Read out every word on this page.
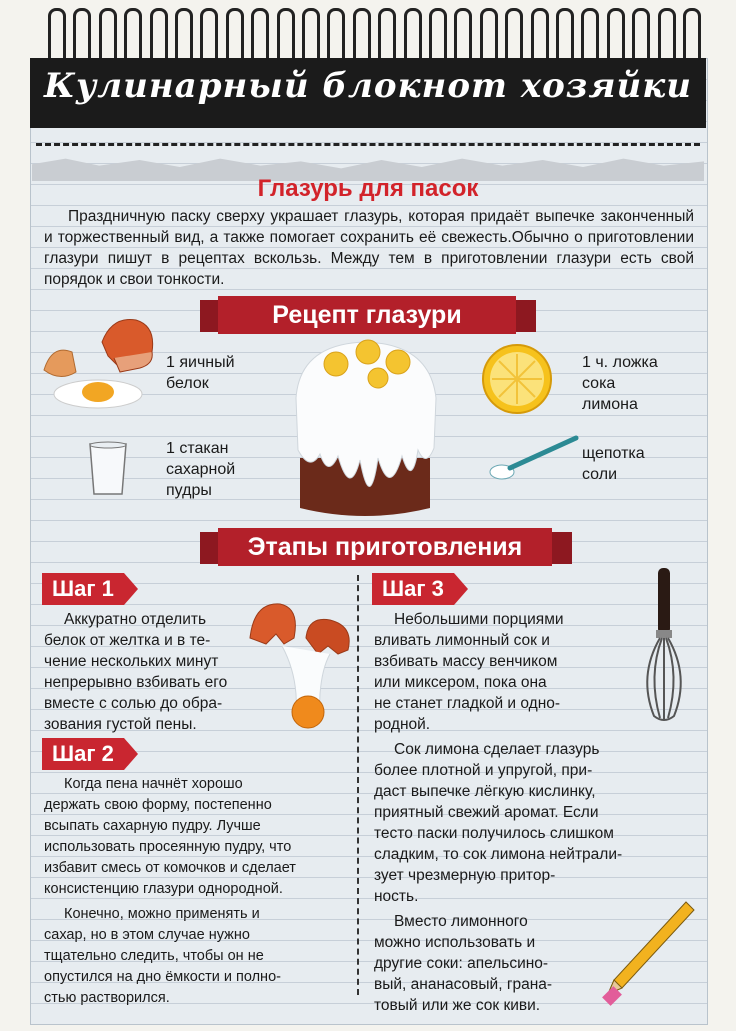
Кулинарный блокнот хозяйки
Глазурь для пасок
Праздничную паску сверху украшает глазурь, которая придаёт выпечке законченный и торжественный вид, а также помогает сохранить её свежесть.Обычно о приготовлении глазури пишут в рецептах вскользь. Между тем в приготовлении глазури есть свой порядок и свои тонкости.
Рецепт глазури
1 яичный
белок
1 стакан
сахарной
пудры
1 ч. ложка
сока
лимона
щепотка
соли
Этапы приготовления
Шаг 1
Аккуратно отделить
белок от желтка и в те-
чение нескольких минут
непрерывно взбивать его
вместе с солью до обра-
зования густой пены.
Шаг 2
Когда пена начнёт хорошо
держать свою форму, постепенно
всыпать сахарную пудру. Лучше
использовать просеянную пудру, что
избавит смесь от комочков и сделает
консистенцию глазури однородной.
Конечно, можно применять и
сахар, но в этом случае нужно
тщательно следить, чтобы он не
опустился на дно ёмкости и полно-
стью растворился.
Шаг 3
Небольшими порциями
вливать лимонный сок и
взбивать массу венчиком
или миксером, пока она
не станет гладкой и одно-
родной.
Сок лимона сделает глазурь
более плотной и упругой, при-
даст выпечке лёгкую кислинку,
приятный свежий аромат. Если
тесто паски получилось слишком
сладким, то сок лимона нейтрали-
зует чрезмерную притор-
ность.
Вместо лимонного
можно использовать и
другие соки: апельсино-
вый, ананасовый, грана-
товый или же сок киви.
